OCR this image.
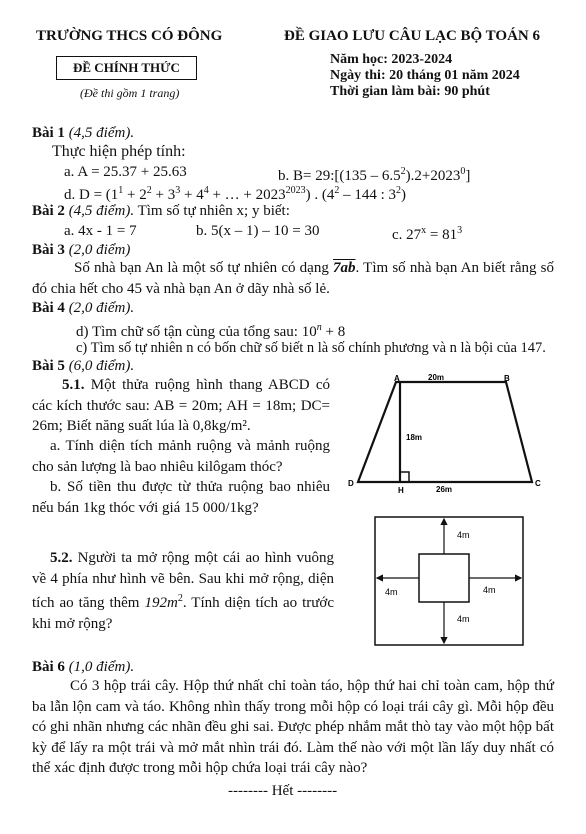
TRƯỜNG THCS CÓ ĐÔNG	ĐỀ GIAO LƯU CÂU LẠC BỘ TOÁN 6
ĐỀ CHÍNH THỨC
(Đề thi gồm 1 trang)
Năm học: 2023-2024
Ngày thi: 20 tháng 01 năm 2024
Thời gian làm bài: 90 phút
Bài 1 (4,5 điểm).
Thực hiện phép tính:
a. A = 25.37 + 25.63	b. B= 29:[(135 – $6.5^2).2+2023^0$]
d. $D = (1^1 + 2^2 + 3^3 + 4^4$ + … + $2023^{2023}$) . ($4^2 - 144$ : $3^2$)
Bài 2 (4,5 điểm). Tìm số tự nhiên x; y biết:
a. 4x - 1 = 7	b. 5(x – 1) – 10 = 30	c. $27^x = 81^3$
Bài 3 (2,0 điểm)
Số nhà bạn An là một số tự nhiên có dạng 7ab. Tìm số nhà bạn An biết rằng số đó chia hết cho 45 và nhà bạn An ở dãy nhà số lẻ.
Bài 4 (2,0 điểm).
d) Tìm chữ số tận cùng của tổng sau: $10^n + 8$
c) Tìm số tự nhiên n có bốn chữ số biết n là số chính phương và n là bội của 147.
Bài 5 (6,0 điểm).
5.1. Một thửa ruộng hình thang ABCD có các kích thước sau: AB = 20m; AH = 18m; DC= 26m; Biết năng suất lúa là 0,8kg/m².
a. Tính diện tích mảnh ruộng và mảnh ruộng cho sản lượng là bao nhiêu kilôgam thóc?
b. Số tiền thu được từ thửa ruộng bao nhiêu nếu bán 1kg thóc với giá 15 000/1kg?
A	B
D	C
H
20m
18m
26m
5.2. Người ta mở rộng một cái ao hình vuông về 4 phía như hình vẽ bên. Sau khi mở rộng, diện tích ao tăng thêm $192m^2$. Tính diện tích ao trước khi mở rộng?
4m
4m	4m
4m
Bài 6 (1,0 điểm).
Có 3 hộp trái cây. Hộp thứ nhất chỉ toàn táo, hộp thứ hai chỉ toàn cam, hộp thứ ba lẫn lộn cam và táo. Không nhìn thấy trong mỗi hộp có loại trái cây gì. Mỗi hộp đều có ghi nhãn nhưng các nhãn đều ghi sai. Được phép nhắm mắt thò tay vào một hộp bất kỳ để lấy ra một trái và mở mắt nhìn trái đó. Làm thế nào với một lần lấy duy nhất có thể xác định được trong mỗi hộp chứa loại trái cây nào?
-------- Hết --------
